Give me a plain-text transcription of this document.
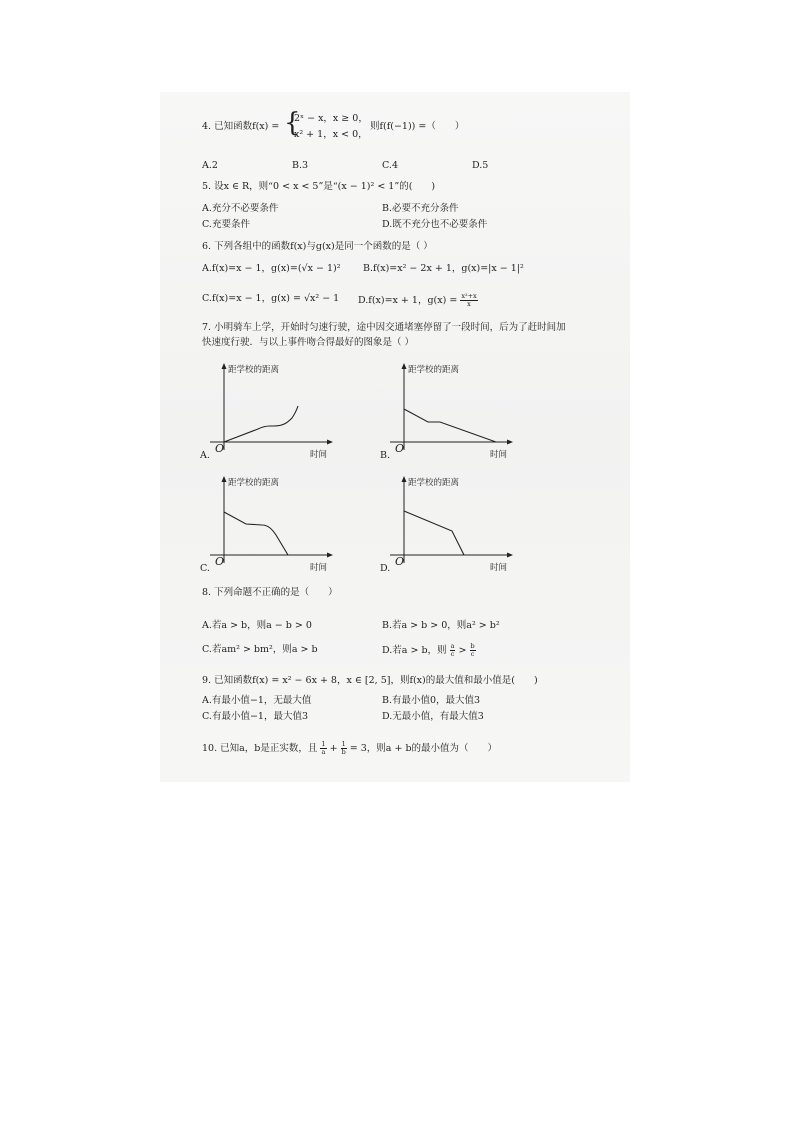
4. 已知函数f(x) = {
2ˣ − x，x ≥ 0，
x² + 1，x < 0，
则f(f(−1)) =（　　）
A.2	B.3	C.4	D.5
5. 设x ∈ R，则“0 < x < 5”是“(x − 1)² < 1”的(　　)
A.充分不必要条件	B.必要不充分条件
C.充要条件	D.既不充分也不必要条件
6. 下列各组中的函数f(x)与g(x)是同一个函数的是（ ）
A.f(x)=x − 1，g(x)=(√x − 1)² B.f(x)=x² − 2x + 1，g(x)=|x − 1|²
C.f(x)=x − 1，g(x) = √x² − 1 D.f(x)=x + 1，$g(x) = \frac{\text{x²+x}}{x}$
7. 小明骑车上学，开始时匀速行驶，途中因交通堵塞停留了一段时间，后为了赶时间加
快速度行驶．与以上事件吻合得最好的图象是（ ）
距学校的距离
O	时间
A.
距学校的距离
O	时间
B.
距学校的距离
O	时间
C.
距学校的距离
O	时间
D.
8. 下列命题不正确的是（　　）
A.若a > b，则a − b > 0	B.若a > b > 0，则a² > b²
C.若am² > bm²，则a > b	D.若a > b，则 $\frac{a}{c} > \frac{b}{c}$
9. 已知函数f(x) = x² − 6x + 8，x ∈ [2, 5]，则f(x)的最大值和最小值是(　　)
A.有最小值−1，无最大值	B.有最小值0，最大值3
C.有最小值−1，最大值3	D.无最小值，有最大值3
10. 已知a，b是正实数，且 $\frac{1}{a} + \frac{1}{b} = 3$，则a + b的最小值为（　　）
